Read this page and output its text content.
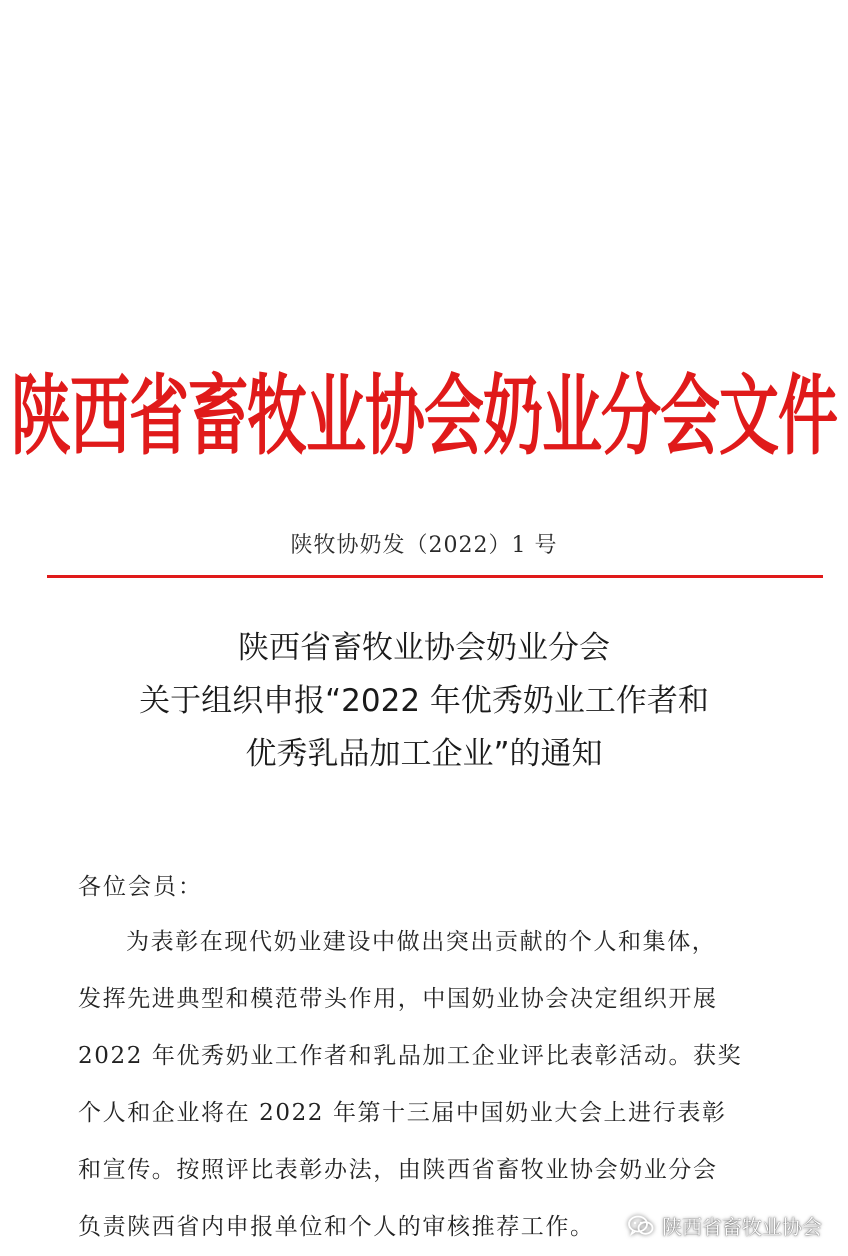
陕西省畜牧业协会奶业分会文件
陕牧协奶发（2022）1 号
陕西省畜牧业协会奶业分会
关于组织申报“2022 年优秀奶业工作者和
优秀乳品加工企业”的通知
各位会员：
为表彰在现代奶业建设中做出突出贡献的个人和集体，
发挥先进典型和模范带头作用，中国奶业协会决定组织开展
2022 年优秀奶业工作者和乳品加工企业评比表彰活动。获奖
个人和企业将在 2022 年第十三届中国奶业大会上进行表彰
和宣传。按照评比表彰办法，由陕西省畜牧业协会奶业分会
负责陕西省内申报单位和个人的审核推荐工作。	陕西省畜牧业协会
